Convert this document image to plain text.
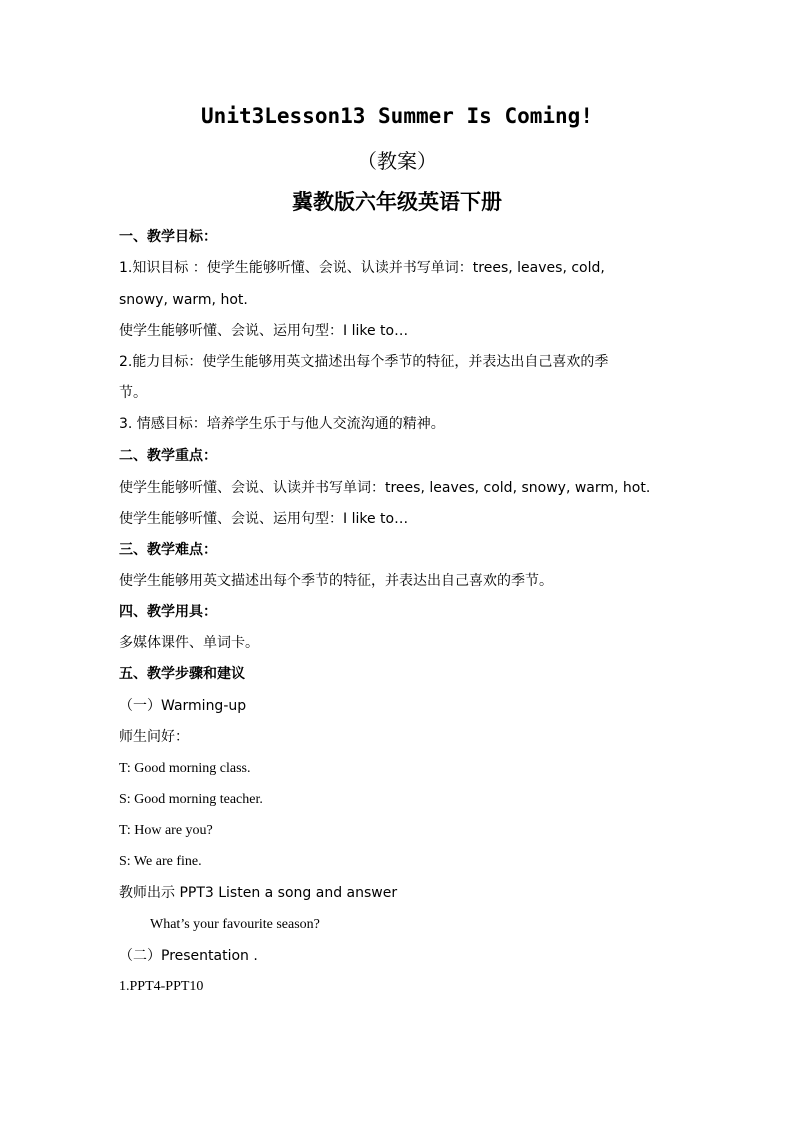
Unit3Lesson13 Summer Is Coming!
（教案）
冀教版六年级英语下册
一、教学目标：
1.知识目标 ：使学生能够听懂、会说、认读并书写单词：trees, leaves, cold,
snowy, warm, hot.
使学生能够听懂、会说、运用句型：I like to…
2.能力目标：使学生能够用英文描述出每个季节的特征，并表达出自己喜欢的季
节。
3. 情感目标：培养学生乐于与他人交流沟通的精神。
二、教学重点：
使学生能够听懂、会说、认读并书写单词：trees, leaves, cold, snowy, warm, hot.
使学生能够听懂、会说、运用句型：I like to…
三、教学难点：
使学生能够用英文描述出每个季节的特征，并表达出自己喜欢的季节。
四、教学用具：
多媒体课件、单词卡。
五、教学步骤和建议
（一）Warming-up
师生问好：
T: Good morning class.
S: Good morning teacher.
T: How are you?
S: We are fine.
教师出示 PPT3 Listen a song and answer
What’s your favourite season?
（二）Presentation .
1.PPT4-PPT10
